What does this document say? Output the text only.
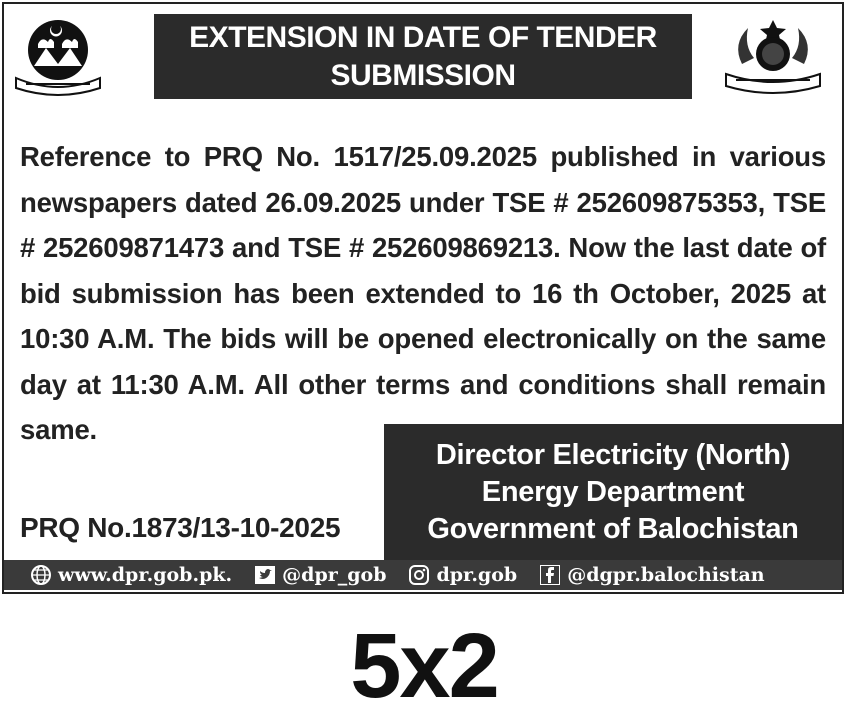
EXTENSION IN DATE OF TENDER
SUBMISSION
Reference to PRQ No. 1517/25.09.2025 published in various newspapers dated 26.09.2025 under TSE # 252609875353, TSE # 252609871473 and TSE # 252609869213. Now the last date of bid submission has been extended to 16 th October, 2025 at 10:30 A.M. The bids will be opened electronically on the same day at 11:30 A.M. All other terms and conditions shall remain same.
PRQ No.1873/13-10-2025
Director Electricity (North)
Energy Department
Government of Balochistan
www.dpr.gob.pk.	@dpr_gob	dpr.gob	@dgpr.balochistan
5x2
